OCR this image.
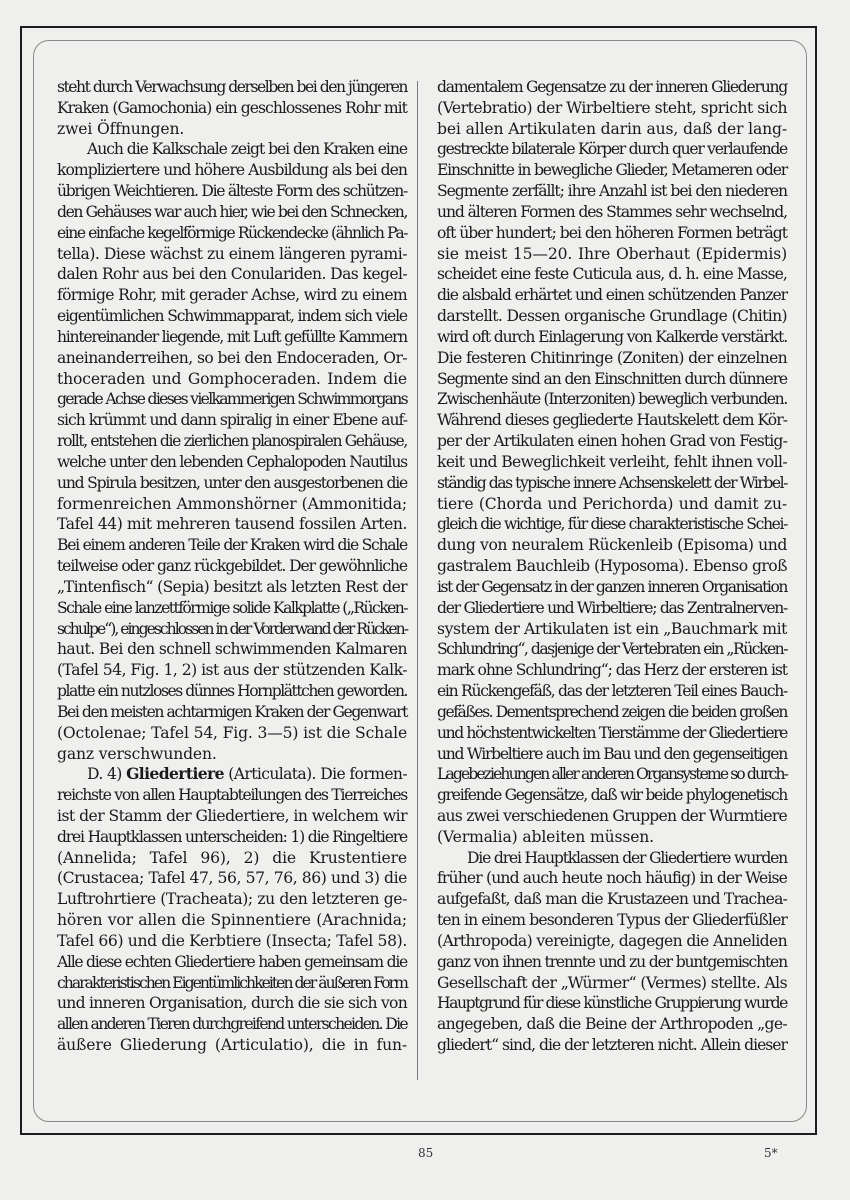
steht durch Verwachsung derselben bei den jüngeren
Kraken (Gamochonia) ein geschlossenes Rohr mit
zwei Öffnungen.
Auch die Kalkschale zeigt bei den Kraken eine
kompliziertere und höhere Ausbildung als bei den
übrigen Weichtieren. Die älteste Form des schützen-
den Gehäuses war auch hier, wie bei den Schnecken,
eine einfache kegelförmige Rückendecke (ähnlich Pa-
tella). Diese wächst zu einem längeren pyrami-
dalen Rohr aus bei den Conulariden. Das kegel-
förmige Rohr, mit gerader Achse, wird zu einem
eigentümlichen Schwimmapparat, indem sich viele
hintereinander liegende, mit Luft gefüllte Kammern
aneinanderreihen, so bei den Endoceraden, Or-
thoceraden und Gomphoceraden. Indem die
gerade Achse dieses vielkammerigen Schwimmorgans
sich krümmt und dann spiralig in einer Ebene auf-
rollt, entstehen die zierlichen planospiralen Gehäuse,
welche unter den lebenden Cephalopoden Nautilus
und Spirula besitzen, unter den ausgestorbenen die
formenreichen Ammonshörner (Ammonitida;
Tafel 44) mit mehreren tausend fossilen Arten.
Bei einem anderen Teile der Kraken wird die Schale
teilweise oder ganz rückgebildet. Der gewöhnliche
„Tintenfisch“ (Sepia) besitzt als letzten Rest der
Schale eine lanzettförmige solide Kalkplatte („Rücken-
schulpe“), eingeschlossen in der Vorderwand der Rücken-
haut. Bei den schnell schwimmenden Kalmaren
(Tafel 54, Fig. 1, 2) ist aus der stützenden Kalk-
platte ein nutzloses dünnes Hornplättchen geworden.
Bei den meisten achtarmigen Kraken der Gegenwart
(Octolenae; Tafel 54, Fig. 3—5) ist die Schale
ganz verschwunden.
D. 4) Gliedertiere (Articulata). Die formen-
reichste von allen Hauptabteilungen des Tierreiches
ist der Stamm der Gliedertiere, in welchem wir
drei Hauptklassen unterscheiden: 1) die Ringeltiere
(Annelida; Tafel 96), 2) die Krustentiere
(Crustacea; Tafel 47, 56, 57, 76, 86) und 3) die
Luftrohrtiere (Tracheata); zu den letzteren ge-
hören vor allen die Spinnentiere (Arachnida;
Tafel 66) und die Kerbtiere (Insecta; Tafel 58).
Alle diese echten Gliedertiere haben gemeinsam die
charakteristischen Eigentümlichkeiten der äußeren Form
und inneren Organisation, durch die sie sich von
allen anderen Tieren durchgreifend unterscheiden. Die
äußere Gliederung (Articulatio), die in fun-
damentalem Gegensatze zu der inneren Gliederung
(Vertebratio) der Wirbeltiere steht, spricht sich
bei allen Artikulaten darin aus, daß der lang-
gestreckte bilaterale Körper durch quer verlaufende
Einschnitte in bewegliche Glieder, Metameren oder
Segmente zerfällt; ihre Anzahl ist bei den niederen
und älteren Formen des Stammes sehr wechselnd,
oft über hundert; bei den höheren Formen beträgt
sie meist 15—20. Ihre Oberhaut (Epidermis)
scheidet eine feste Cuticula aus, d. h. eine Masse,
die alsbald erhärtet und einen schützenden Panzer
darstellt. Dessen organische Grundlage (Chitin)
wird oft durch Einlagerung von Kalkerde verstärkt.
Die festeren Chitinringe (Zoniten) der einzelnen
Segmente sind an den Einschnitten durch dünnere
Zwischenhäute (Interzoniten) beweglich verbunden.
Während dieses gegliederte Hautskelett dem Kör-
per der Artikulaten einen hohen Grad von Festig-
keit und Beweglichkeit verleiht, fehlt ihnen voll-
ständig das typische innere Achsenskelett der Wirbel-
tiere (Chorda und Perichorda) und damit zu-
gleich die wichtige, für diese charakteristische Schei-
dung von neuralem Rückenleib (Episoma) und
gastralem Bauchleib (Hyposoma). Ebenso groß
ist der Gegensatz in der ganzen inneren Organisation
der Gliedertiere und Wirbeltiere; das Zentralnerven-
system der Artikulaten ist ein „Bauchmark mit
Schlundring“, dasjenige der Vertebraten ein „Rücken-
mark ohne Schlundring“; das Herz der ersteren ist
ein Rückengefäß, das der letzteren Teil eines Bauch-
gefäßes. Dementsprechend zeigen die beiden großen
und höchstentwickelten Tierstämme der Gliedertiere
und Wirbeltiere auch im Bau und den gegenseitigen
Lagebeziehungen aller anderen Organsysteme so durch-
greifende Gegensätze, daß wir beide phylogenetisch
aus zwei verschiedenen Gruppen der Wurmtiere
(Vermalia) ableiten müssen.
Die drei Hauptklassen der Gliedertiere wurden
früher (und auch heute noch häufig) in der Weise
aufgefaßt, daß man die Krustazeen und Trachea-
ten in einem besonderen Typus der Gliederfüßler
(Arthropoda) vereinigte, dagegen die Anneliden
ganz von ihnen trennte und zu der buntgemischten
Gesellschaft der „Würmer“ (Vermes) stellte. Als
Hauptgrund für diese künstliche Gruppierung wurde
angegeben, daß die Beine der Arthropoden „ge-
gliedert“ sind, die der letzteren nicht. Allein dieser
85	5*
